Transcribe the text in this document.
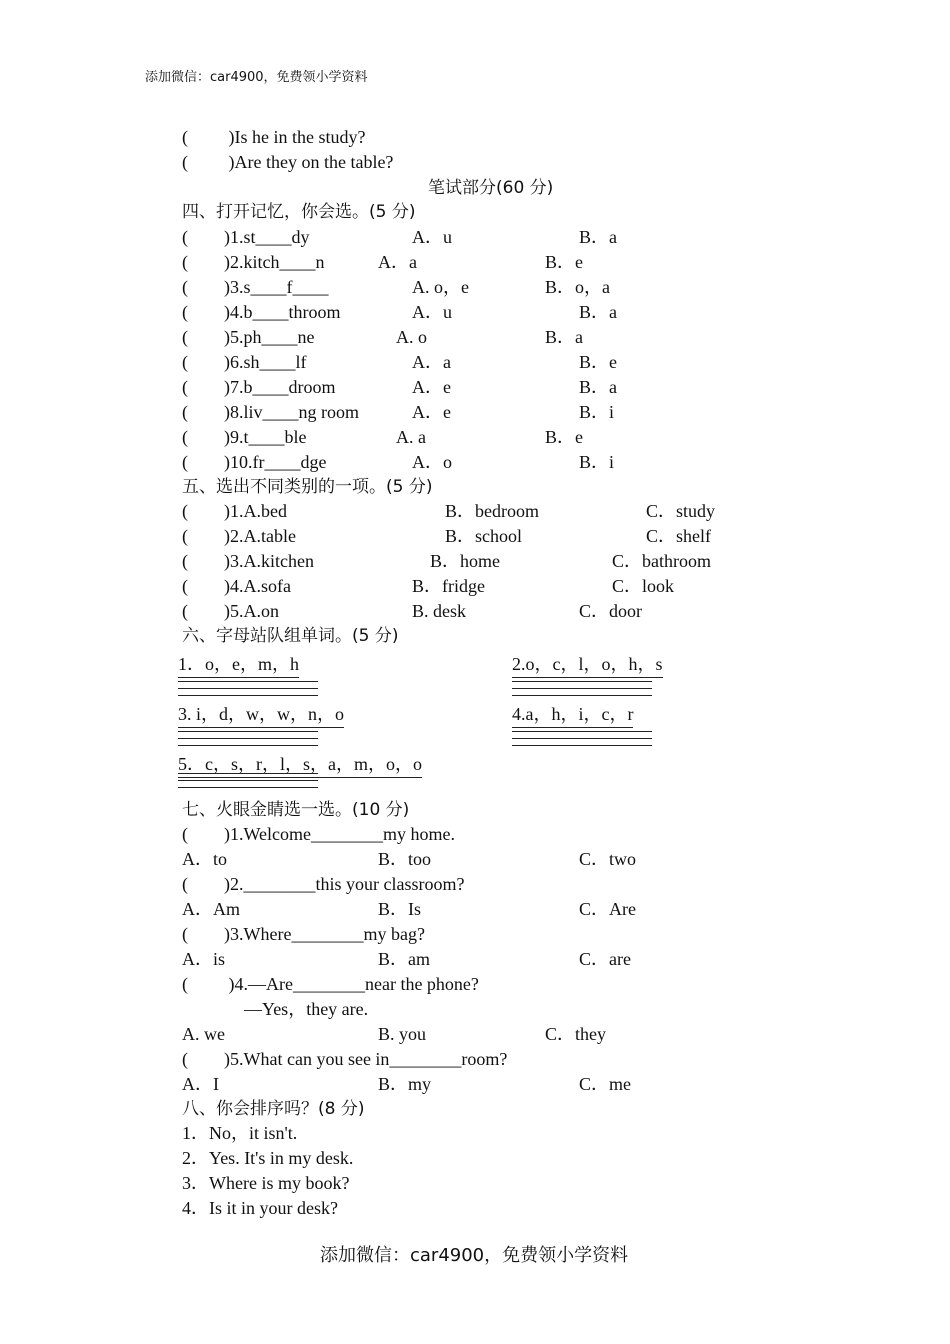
添加微信：car4900，免费领小学资料
(         )Is he in the study?
(         )Are they on the table?
笔试部分(60 分)
四、打开记忆，你会选。(5 分)
(        )1.st____dy	A．u	B．a
(        )2.kitch____n	A．a	B．e
(        )3.s____f____	A. o，e	B．o，a
(        )4.b____throom	A．u	B．a
(        )5.ph____ne	A. o	B．a
(        )6.sh____lf	A．a	B．e
(        )7.b____droom	A．e	B．a
(        )8.liv____ng room	A．e	B．i
(        )9.t____ble	A. a	B．e
(        )10.fr____dge	A．o	B．i
五、选出不同类别的一项。(5 分)
(        )1.A.bed	B．bedroom	C．study
(        )2.A.table	B．school	C．shelf
(        )3.A.kitchen	B．home	C．bathroom
(        )4.A.sofa	B．fridge	C．look
(        )5.A.on	B. desk	C．door
六、字母站队组单词。(5 分)
1．o，e，m，h	2.o，c，l，o，h，s
3. i，d，w，w，n，o	4.a，h，i，c，r
5．c，s，r，l，s，a，m，o，o
七、火眼金睛选一选。(10 分)
(        )1.Welcome________my home.
A．to	B．too	C．two
(        )2.________this your classroom?
A．Am	B．Is	C．Are
(        )3.Where________my bag?
A．is	B．am	C．are
(         )4.—Are________near the phone?
—Yes，they are.
A. we	B. you	C．they
(        )5.What can you see in________room?
A．I	B．my	C．me
八、你会排序吗？(8 分)
1．No，it isn't.
2．Yes. It's in my desk.
3．Where is my book?
4．Is it in your desk?
添加微信：car4900，免费领小学资料
